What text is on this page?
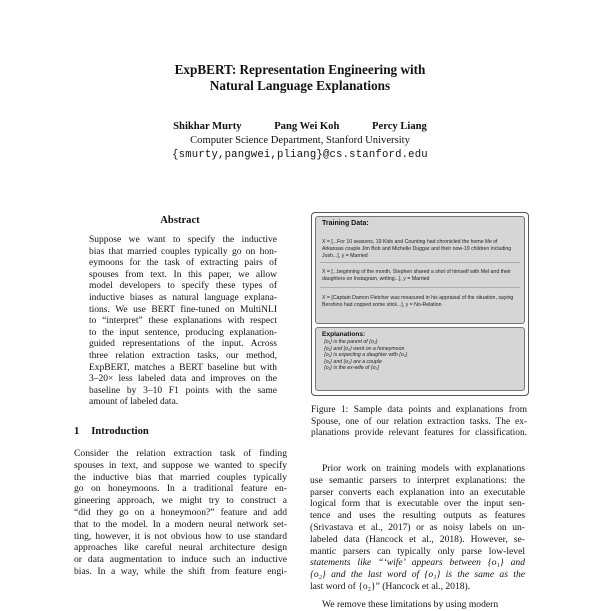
ExpBERT: Representation Engineering with
Natural Language Explanations
Shikhar Murty	Pang Wei Koh	Percy Liang
Computer Science Department, Stanford University
{smurty,pangwei,pliang}@cs.stanford.edu
Abstract
Suppose we want to specify the inductive
bias that married couples typically go on hon-
eymoons for the task of extracting pairs of
spouses from text. In this paper, we allow
model developers to specify these types of
inductive biases as natural language explana-
tions. We use BERT fine-tuned on MultiNLI
to “interpret” these explanations with respect
to the input sentence, producing explanation-
guided representations of the input. Across
three relation extraction tasks, our method,
ExpBERT, matches a BERT baseline but with
3–20× less labeled data and improves on the
baseline by 3–10 F1 points with the same
amount of labeled data.
1 Introduction
Consider the relation extraction task of finding
spouses in text, and suppose we wanted to specify
the inductive bias that married couples typically
go on honeymoons. In a traditional feature en-
gineering approach, we might try to construct a
“did they go on a honeymoon?” feature and add
that to the model. In a modern neural network set-
ting, however, it is not obvious how to use standard
approaches like careful neural architecture design
or data augmentation to induce such an inductive
bias. In a way, while the shift from feature engi-
Training Data:
X = [...For 10 seasons, 19 Kids and Counting had chronicled the home life of Arkansas couple Jim Bob and Michelle Duggar and their now-19 children including Josh...], y = Married
X = [...beginning of the month, Stephen shared a shot of himself with Mel and their daughters on Instagram, writing...], y = Married
X = [Captain Damon Fletcher was measured in his appraisal of the situation, saying Bershino had copped some stick...], y = No-Relation
Explanations:
{o₁} is the parent of {o₂}
{o₁} and {o₂} went on a honeymoon
{o₁} is expecting a daughter with {o₂}
{o₁} and {o₂} are a couple
{o₁} is the ex-wife of {o₂}
Figure 1: Sample data points and explanations from
Spouse, one of our relation extraction tasks. The ex-
planations provide relevant features for classification.
Prior work on training models with explanations
use semantic parsers to interpret explanations: the
parser converts each explanation into an executable
logical form that is executable over the input sen-
tence and uses the resulting outputs as features
(Srivastava et al., 2017) or as noisy labels on un-
labeled data (Hancock et al., 2018). However, se-
mantic parsers can typically only parse low-level
statements like “‘wife’ appears between {o₁} and
{o₂} and the last word of {o₁} is the same as the
last word of {o₂}” (Hancock et al., 2018).
We remove these limitations by using modern
